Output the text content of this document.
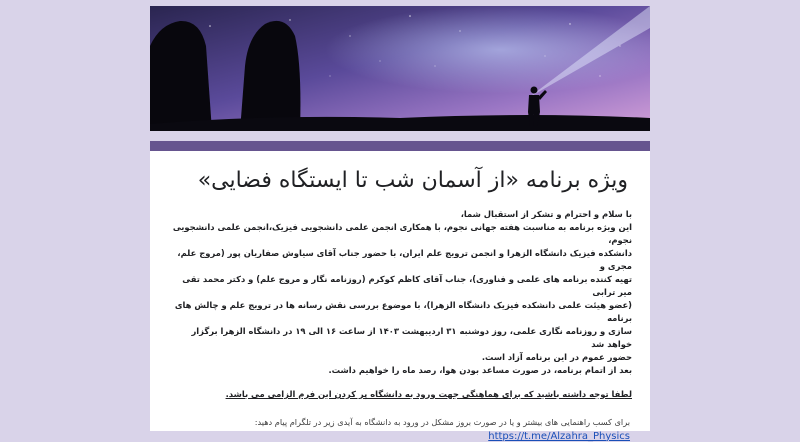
ویژه برنامه «از آسمان شب تا ایستگاه فضایی»

با سلام و احترام و تشکر از استقبال شما،

این ویژه برنامه به مناسبت هفته جهانی نجوم، با همکاری انجمن علمی دانشجویی فیزیک،انجمن علمی دانشجویی نجوم،

دانشکده فیزیک دانشگاه الزهرا و انجمن ترویج علم ایران، با حضور جناب آقای سیاوش صفاریان پور (مروج علم، مجری و

تهیه کننده برنامه های علمی و فناوری)، جناب آقای کاظم کوکرم (روزنامه نگار و مروج علم) و دکتر محمد تقی میر ترابی

(عضو هیئت علمی دانشکده فیزیک دانشگاه الزهرا)، با موضوع بررسی نقش رسانه ها در ترویج علم و چالش های برنامه

سازی و روزنامه نگاری علمی، روز دوشنبه ۳۱ اردیبهشت ۱۴۰۳ از ساعت ۱۶ الی ۱۹ در دانشگاه الزهرا برگزار خواهد شد

حضور عموم در این برنامه آزاد است.

بعد از اتمام برنامه، در صورت مساعد بودن هوا، رصد ماه را خواهیم داشت.

لطفا توجه داشته باشید که برای هماهنگی جهت ورود به دانشگاه پر کردن این فرم الزامی می باشد.
برای کسب راهنمایی های بیشتر و یا در صورت بروز مشکل در ورود به دانشگاه به آیدی زیر در تلگرام پیام دهید:
https://t.me/Alzahra_Physics
